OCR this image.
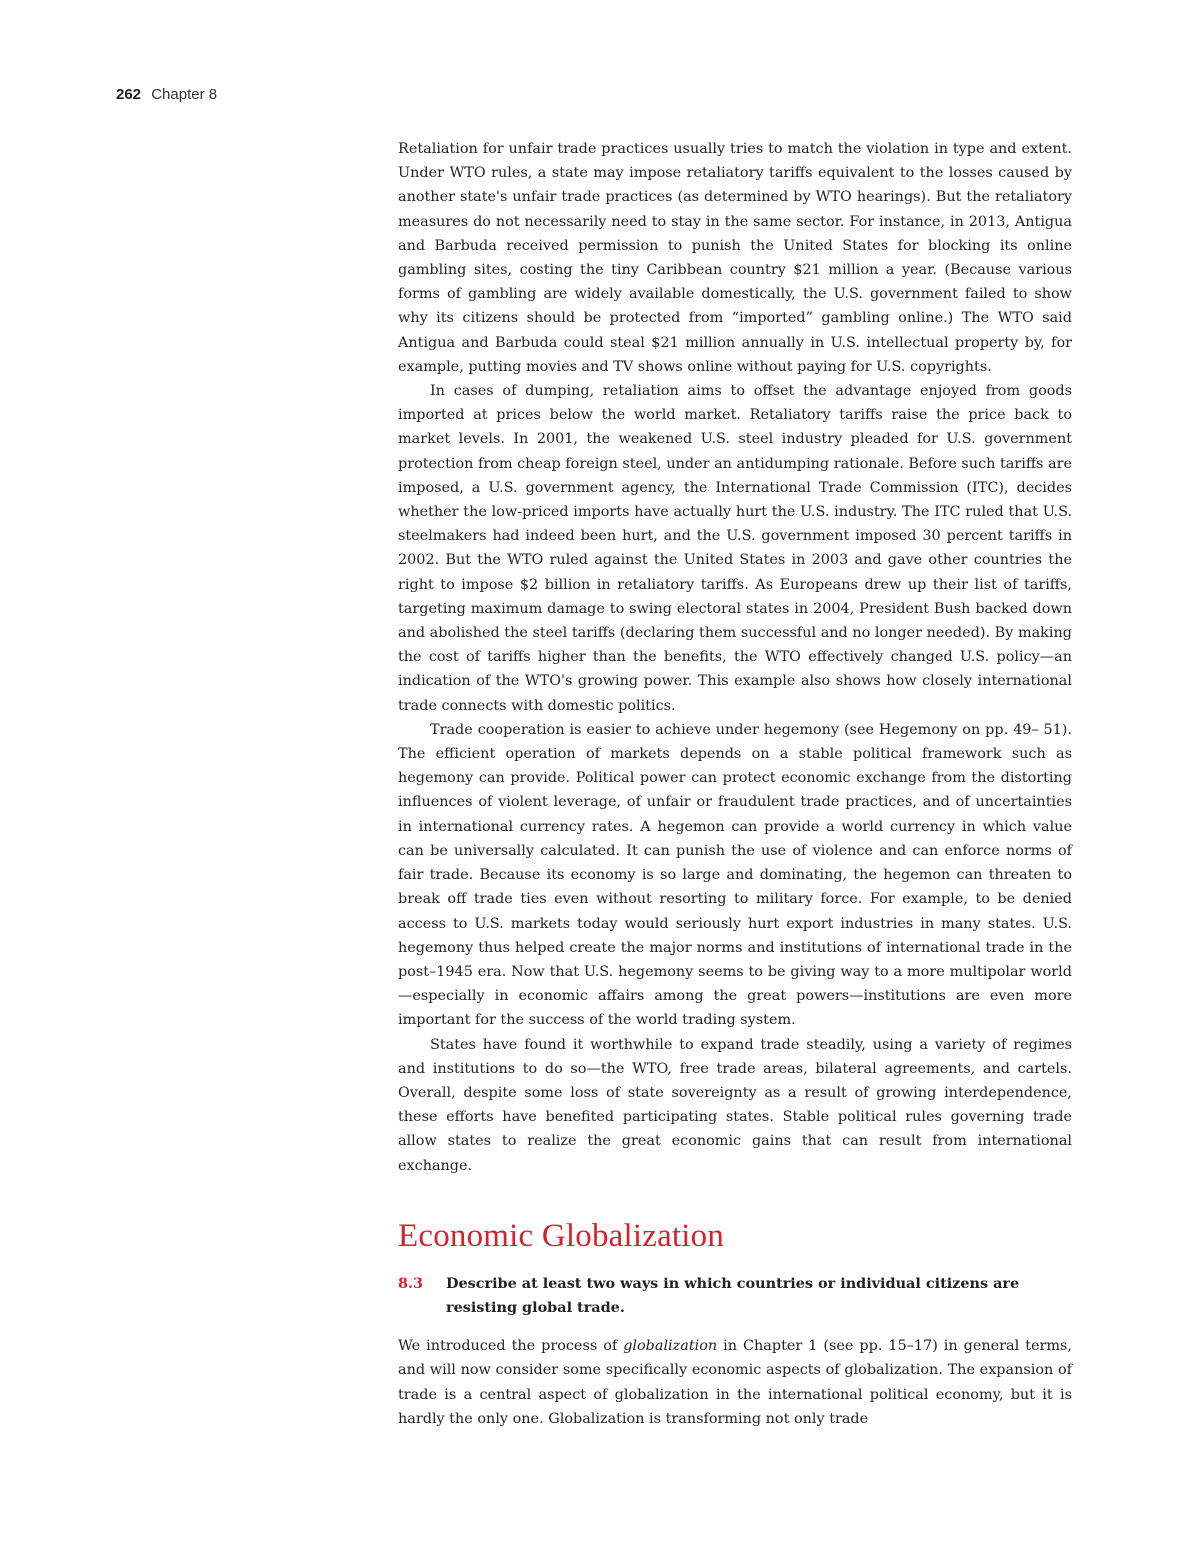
262 Chapter 8

Retaliation for unfair trade practices usually tries to match the violation in type and extent. Under WTO rules, a state may impose retaliatory tariffs equivalent to the losses caused by another state's unfair trade practices (as determined by WTO hearings). But the retaliatory measures do not necessarily need to stay in the same sector. For instance, in 2013, Antigua and Barbuda received permission to punish the United States for blocking its online gambling sites, costing the tiny Caribbean country $21 million a year. (Because various forms of gambling are widely available domestically, the U.S. government failed to show why its citizens should be protected from “imported” gambling online.) The WTO said Antigua and Barbuda could steal $21 million annually in U.S. intellectual property by, for example, putting movies and TV shows online without paying for U.S. copyrights.

In cases of dumping, retaliation aims to offset the advantage enjoyed from goods imported at prices below the world market. Retaliatory tariffs raise the price back to market levels. In 2001, the weakened U.S. steel industry pleaded for U.S. government protection from cheap foreign steel, under an antidumping rationale. Before such tariffs are imposed, a U.S. government agency, the International Trade Commission (ITC), decides whether the low-priced imports have actually hurt the U.S. industry. The ITC ruled that U.S. steelmakers had indeed been hurt, and the U.S. government imposed 30 percent tariffs in 2002. But the WTO ruled against the United States in 2003 and gave other countries the right to impose $2 billion in retaliatory tariffs. As Europeans drew up their list of tariffs, targeting maximum damage to swing electoral states in 2004, President Bush backed down and abolished the steel tariffs (declaring them successful and no longer needed). By making the cost of tariffs higher than the benefits, the WTO effectively changed U.S. policy—an indication of the WTO's growing power. This example also shows how closely international trade connects with domestic politics.

Trade cooperation is easier to achieve under hegemony (see Hegemony on pp. 49– 51). The efficient operation of markets depends on a stable political framework such as hegemony can provide. Political power can protect economic exchange from the distorting influences of violent leverage, of unfair or fraudulent trade practices, and of uncertainties in international currency rates. A hegemon can provide a world currency in which value can be universally calculated. It can punish the use of violence and can enforce norms of fair trade. Because its economy is so large and dominating, the hegemon can threaten to break off trade ties even without resorting to military force. For example, to be denied access to U.S. markets today would seriously hurt export industries in many states. U.S. hegemony thus helped create the major norms and institutions of international trade in the post–1945 era. Now that U.S. hegemony seems to be giving way to a more multipolar world—especially in economic affairs among the great powers—institutions are even more important for the success of the world trading system.

States have found it worthwhile to expand trade steadily, using a variety of regimes and institutions to do so—the WTO, free trade areas, bilateral agreements, and cartels. Overall, despite some loss of state sovereignty as a result of growing interdependence, these efforts have benefited participating states. Stable political rules governing trade allow states to realize the great economic gains that can result from international exchange.

Economic Globalization
8.3	Describe at least two ways in which countries or individual citizens are resisting global trade.

We introduced the process of globalization in Chapter 1 (see pp. 15–17) in general terms, and will now consider some specifically economic aspects of globalization. The expansion of trade is a central aspect of globalization in the international political economy, but it is hardly the only one. Globalization is transforming not only trade
